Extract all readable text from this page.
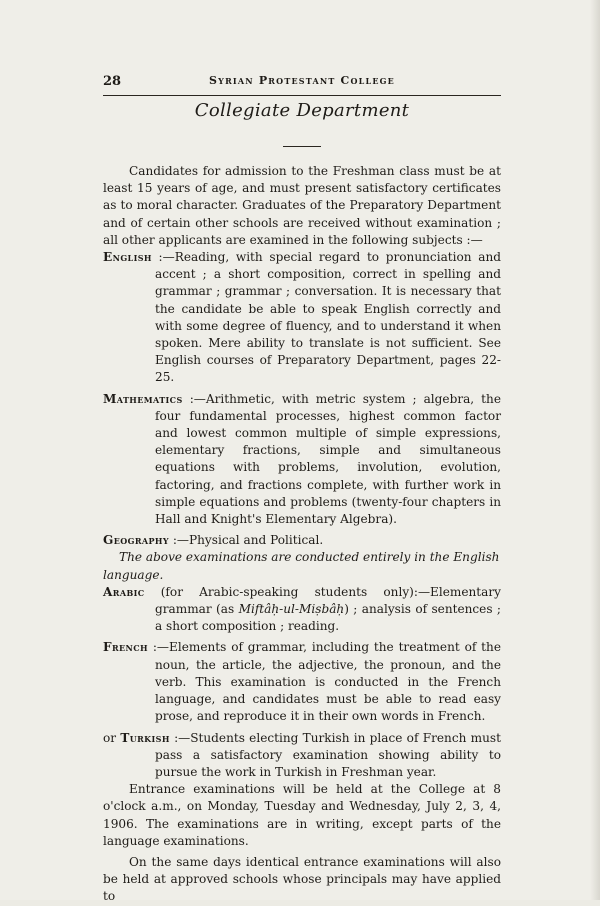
28	Syrian Protestant College
Collegiate Department

Candidates for admission to the Freshman class must be at least 15 years of age, and must present satisfactory certificates as to moral character. Graduates of the Preparatory Department and of certain other schools are received without examination ; all other applicants are examined in the following subjects :—

English :—Reading, with special regard to pronunciation and accent ; a short composition, correct in spelling and grammar ; grammar ; conversation. It is necessary that the candidate be able to speak English correctly and with some degree of fluency, and to understand it when spoken. Mere ability to translate is not sufficient. See English courses of Preparatory Department, pages 22-25.

Mathematics :—Arithmetic, with metric system ; algebra, the four fundamental processes, highest common factor and lowest common multiple of simple expressions, elementary fractions, simple and simultaneous equations with problems, involution, evolution, factoring, and fractions complete, with further work in simple equations and problems (twenty-four chapters in Hall and Knight's Elementary Algebra).

Geography :—Physical and Political.

The above examinations are conducted entirely in the English language.

Arabic (for Arabic-speaking students only):—Elementary grammar (as Miftâḥ-ul-Miṣbâḥ) ; analysis of sentences ; a short composition ; reading.

French :—Elements of grammar, including the treatment of the noun, the article, the adjective, the pronoun, and the verb. This examination is conducted in the French language, and candidates must be able to read easy prose, and reproduce it in their own words in French.

or Turkish :—Students electing Turkish in place of French must pass a satisfactory examination showing ability to pursue the work in Turkish in Freshman year.

Entrance examinations will be held at the College at 8 o'clock a.m., on Monday, Tuesday and Wednesday, July 2, 3, 4, 1906. The examinations are in writing, except parts of the language examinations.

On the same days identical entrance examinations will also be held at approved schools whose principals may have applied to
